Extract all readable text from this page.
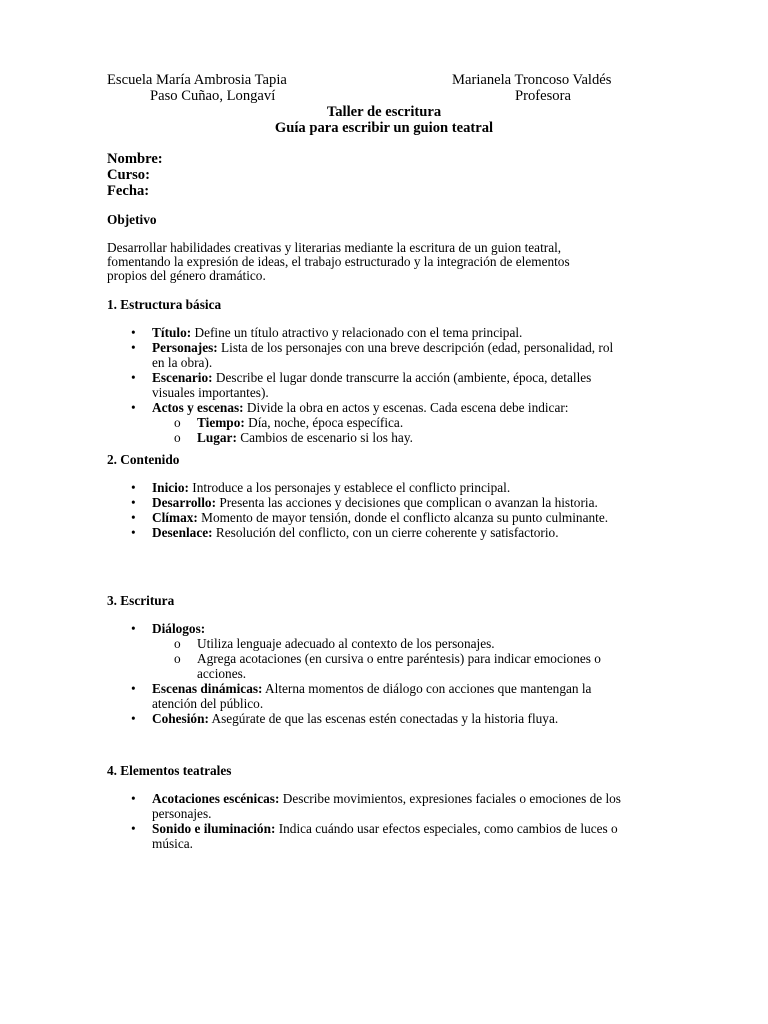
Escuela María Ambrosia Tapia
Paso Cuñao, Longaví
Marianela Troncoso Valdés
Profesora
Taller de escritura
Guía para escribir un guion teatral
Nombre:
Curso:
Fecha:
Objetivo
Desarrollar habilidades creativas y literarias mediante la escritura de un guion teatral,
fomentando la expresión de ideas, el trabajo estructurado y la integración de elementos
propios del género dramático.
1. Estructura básica
• Título: Define un título atractivo y relacionado con el tema principal.
• Personajes: Lista de los personajes con una breve descripción (edad, personalidad, rol en la obra).
• Escenario: Describe el lugar donde transcurre la acción (ambiente, época, detalles visuales importantes).
• Actos y escenas: Divide la obra en actos y escenas. Cada escena debe indicar:
o Tiempo: Día, noche, época específica.
o Lugar: Cambios de escenario si los hay.
2. Contenido
• Inicio: Introduce a los personajes y establece el conflicto principal.
• Desarrollo: Presenta las acciones y decisiones que complican o avanzan la historia.
• Clímax: Momento de mayor tensión, donde el conflicto alcanza su punto culminante.
• Desenlace: Resolución del conflicto, con un cierre coherente y satisfactorio.
3. Escritura
• Diálogos:
o Utiliza lenguaje adecuado al contexto de los personajes.
o Agrega acotaciones (en cursiva o entre paréntesis) para indicar emociones o acciones.
• Escenas dinámicas: Alterna momentos de diálogo con acciones que mantengan la atención del público.
• Cohesión: Asegúrate de que las escenas estén conectadas y la historia fluya.
4. Elementos teatrales
• Acotaciones escénicas: Describe movimientos, expresiones faciales o emociones de los personajes.
• Sonido e iluminación: Indica cuándo usar efectos especiales, como cambios de luces o música.
